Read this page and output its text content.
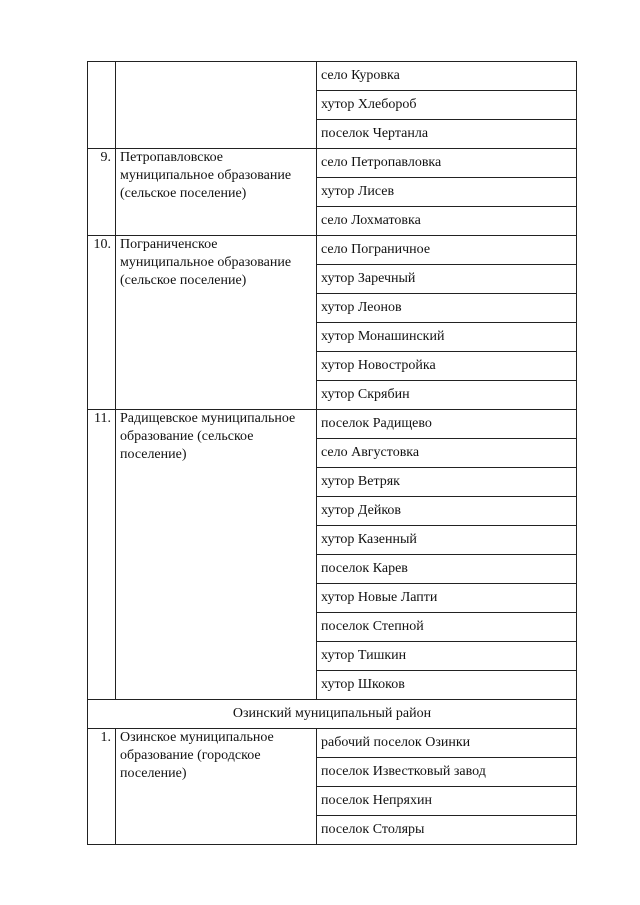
		село Куровка
		хутор Хлебороб
		поселок Чертанла
9.	Петропавловское муниципальное образование (сельское поселение)	село Петропавловка
		хутор Лисев
		село Лохматовка
10.	Пограниченское муниципальное образование (сельское поселение)	село Пограничное
		хутор Заречный
		хутор Леонов
		хутор Монашинский
		хутор Новостройка
		хутор Скрябин
11.	Радищевское муниципальное образование (сельское поселение)	поселок Радищево
		село Августовка
		хутор Ветряк
		хутор Дейков
		хутор Казенный
		поселок Карев
		хутор Новые Лапти
		поселок Степной
		хутор Тишкин
		хутор Шкоков
Озинский муниципальный район		
1.	Озинское муниципальное образование (городское поселение)	рабочий поселок Озинки
		поселок Известковый завод
		поселок Непряхин
		поселок Столяры
